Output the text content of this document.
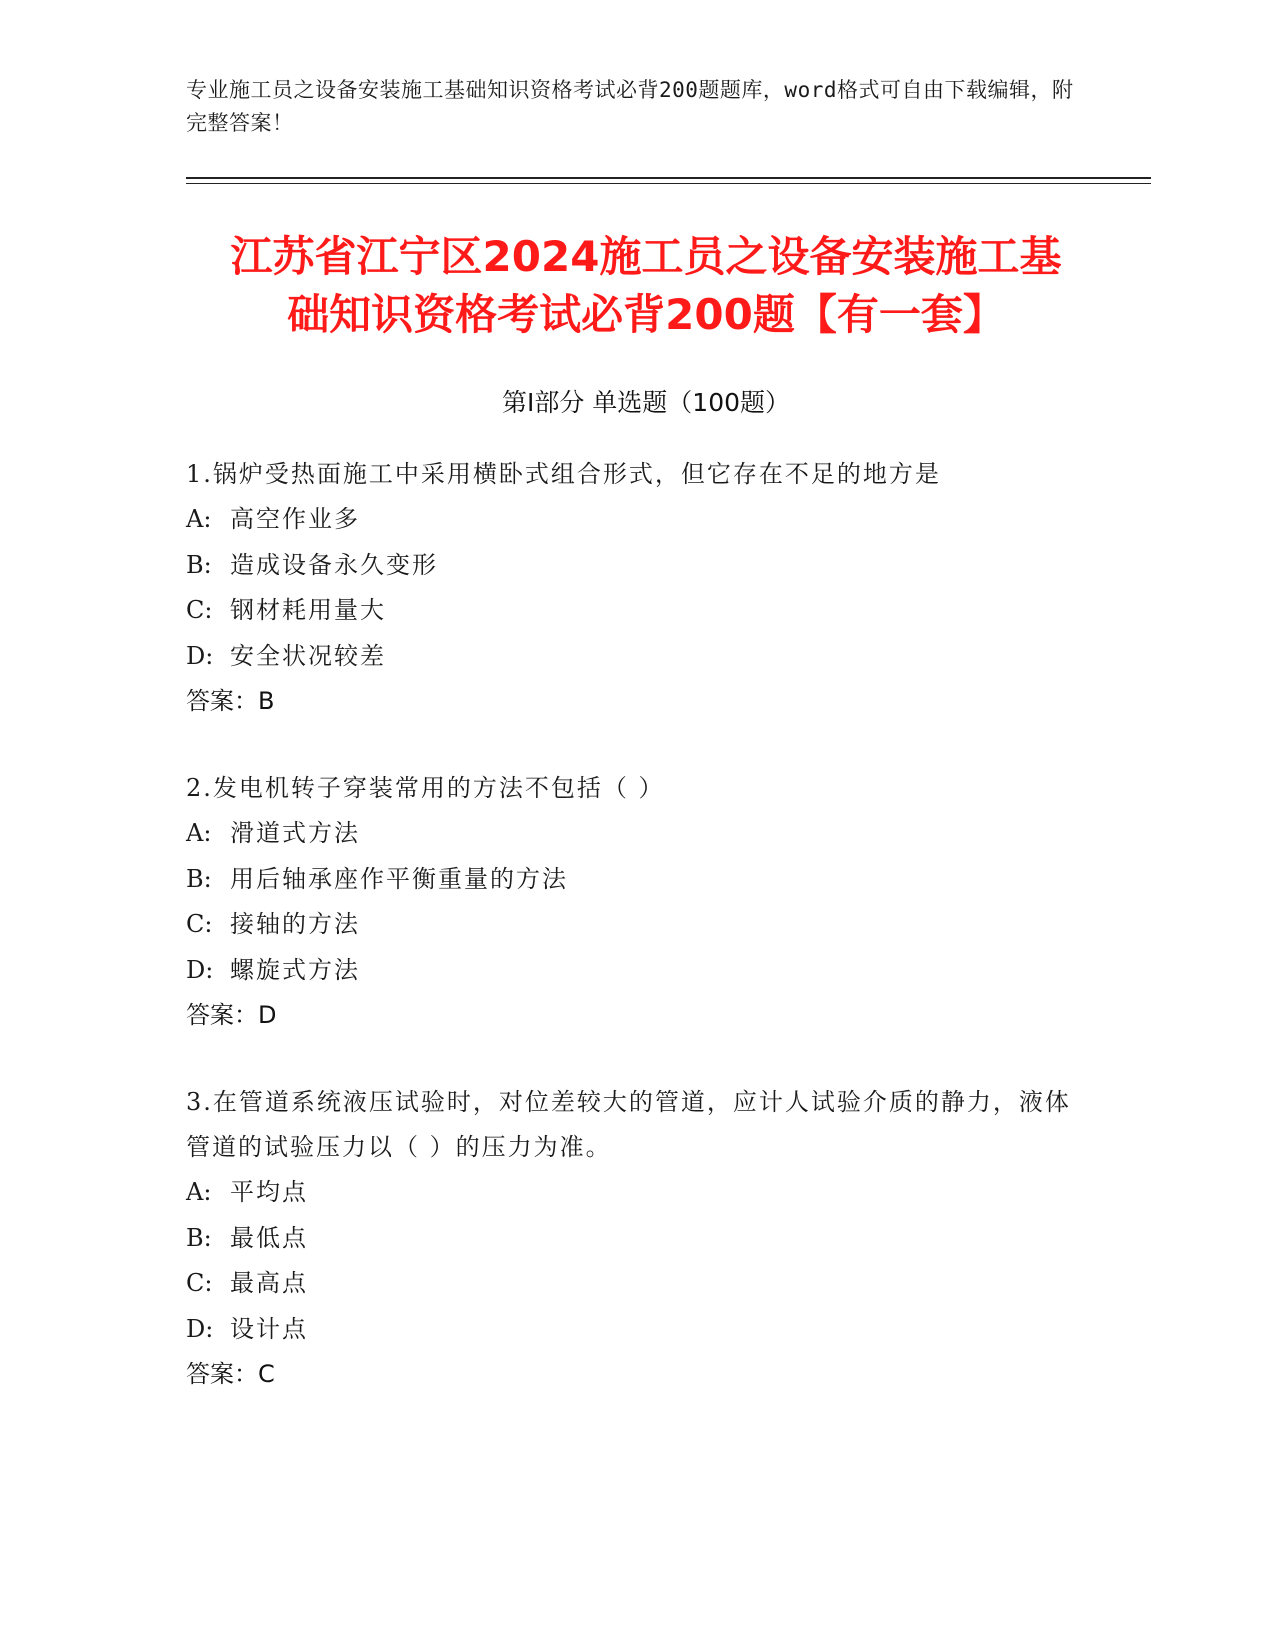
专业施工员之设备安装施工基础知识资格考试必背200题题库，word格式可自由下载编辑，附完整答案！
江苏省江宁区2024施工员之设备安装施工基
础知识资格考试必背200题【有一套】
第Ⅰ部分 单选题（100题）
1.锅炉受热面施工中采用横卧式组合形式，但它存在不足的地方是
A: 高空作业多
B: 造成设备永久变形
C: 钢材耗用量大
D: 安全状况较差
答案：B
2.发电机转子穿装常用的方法不包括（ ）
A: 滑道式方法
B: 用后轴承座作平衡重量的方法
C: 接轴的方法
D: 螺旋式方法
答案：D
3.在管道系统液压试验时，对位差较大的管道，应计人试验介质的静力，液体管道的试验压力以（ ）的压力为准。
A: 平均点
B: 最低点
C: 最高点
D: 设计点
答案：C
